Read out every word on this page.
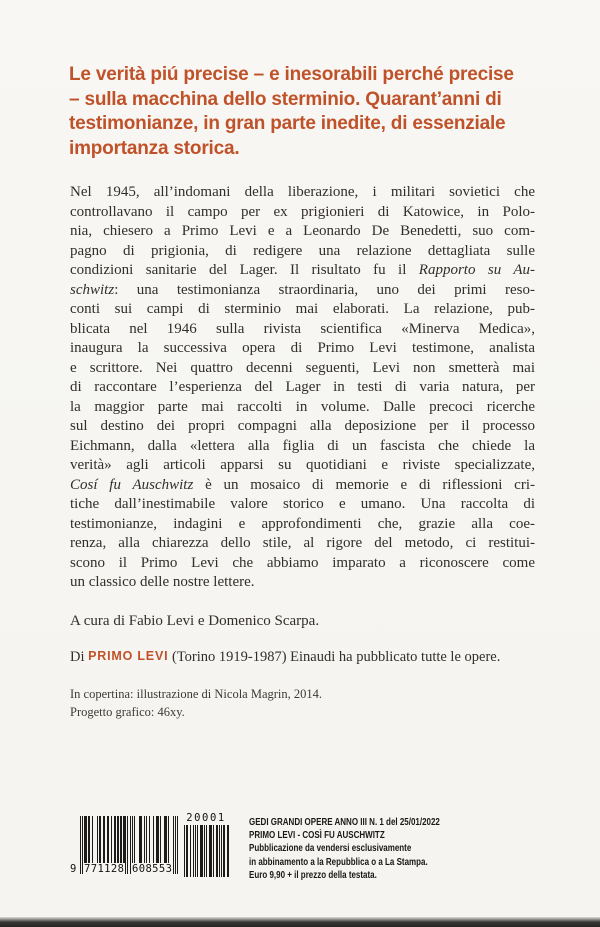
Le verità piú precise – e inesorabili perché precise
– sulla macchina dello sterminio. Quarant’anni di
testimonianze, in gran parte inedite, di essenziale
importanza storica.
Nel 1945, all’indomani della liberazione, i militari sovietici che
controllavano il campo per ex prigionieri di Katowice, in Polo-
nia, chiesero a Primo Levi e a Leonardo De Benedetti, suo com-
pagno di prigionia, di redigere una relazione dettagliata sulle
condizioni sanitarie del Lager. Il risultato fu il Rapporto su Au-
schwitz: una testimonianza straordinaria, uno dei primi reso-
conti sui campi di sterminio mai elaborati. La relazione, pub-
blicata nel 1946 sulla rivista scientifica «Minerva Medica»,
inaugura la successiva opera di Primo Levi testimone, analista
e scrittore. Nei quattro decenni seguenti, Levi non smetterà mai
di raccontare l’esperienza del Lager in testi di varia natura, per
la maggior parte mai raccolti in volume. Dalle precoci ricerche
sul destino dei propri compagni alla deposizione per il processo
Eichmann, dalla «lettera alla figlia di un fascista che chiede la
verità» agli articoli apparsi su quotidiani e riviste specializzate,
Cosí fu Auschwitz è un mosaico di memorie e di riflessioni cri-
tiche dall’inestimabile valore storico e umano. Una raccolta di
testimonianze, indagini e approfondimenti che, grazie alla coe-
renza, alla chiarezza dello stile, al rigore del metodo, ci restitui-
scono il Primo Levi che abbiamo imparato a riconoscere come
un classico delle nostre lettere.
A cura di Fabio Levi e Domenico Scarpa.
Di PRIMO LEVI (Torino 1919-1987) Einaudi ha pubblicato tutte le opere.
In copertina: illustrazione di Nicola Magrin, 2014.
Progetto grafico: 46xy.
9 771128 608553
20001	GEDI GRANDI OPERE ANNO III N. 1 del 25/01/2022
PRIMO LEVI - COSÌ FU AUSCHWITZ
Pubblicazione da vendersi esclusivamente
in abbinamento a la Repubblica o a La Stampa.
Euro 9,90 + il prezzo della testata.
